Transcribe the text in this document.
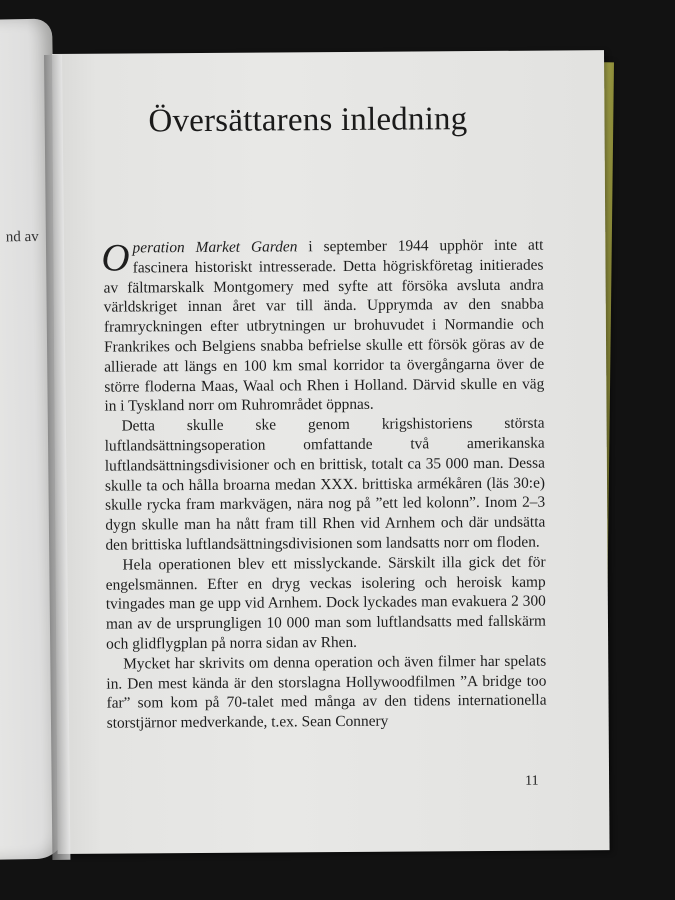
nd av
Översättarens inledning

Operation Market Garden i september 1944 upphör inte att fascinera historiskt intresserade. Detta högriskföretag initierades av fältmarskalk Montgomery med syfte att försöka avsluta andra världskriget innan året var till ända. Upprymda av den snabba framryckningen efter utbrytningen ur brohuvudet i Normandie och Frankrikes och Belgiens snabba befrielse skulle ett försök göras av de allierade att längs en 100 km smal korridor ta övergångarna över de större floderna Maas, Waal och Rhen i Holland. Därvid skulle en väg in i Tyskland norr om Ruhrområdet öppnas.

Detta skulle ske genom krigshistoriens största luftlandsättningsoperation omfattande två amerikanska luftlandsättningsdivisioner och en brittisk, totalt ca 35 000 man. Dessa skulle ta och hålla broarna medan XXX. brittiska armékåren (läs 30:e) skulle rycka fram markvägen, nära nog på ”ett led kolonn”. Inom 2–3 dygn skulle man ha nått fram till Rhen vid Arnhem och där undsätta den brittiska luftlandsättningsdivisionen som landsatts norr om floden.

Hela operationen blev ett misslyckande. Särskilt illa gick det för engelsmännen. Efter en dryg veckas isolering och heroisk kamp tvingades man ge upp vid Arnhem. Dock lyckades man evakuera 2 300 man av de ursprungligen 10 000 man som luftlandsatts med fallskärm och glidflygplan på norra sidan av Rhen.

Mycket har skrivits om denna operation och även filmer har spelats in. Den mest kända är den storslagna Hollywoodfilmen ”A bridge too far” som kom på 70-talet med många av den tidens internationella storstjärnor medverkande, t.ex. Sean Connery

11
